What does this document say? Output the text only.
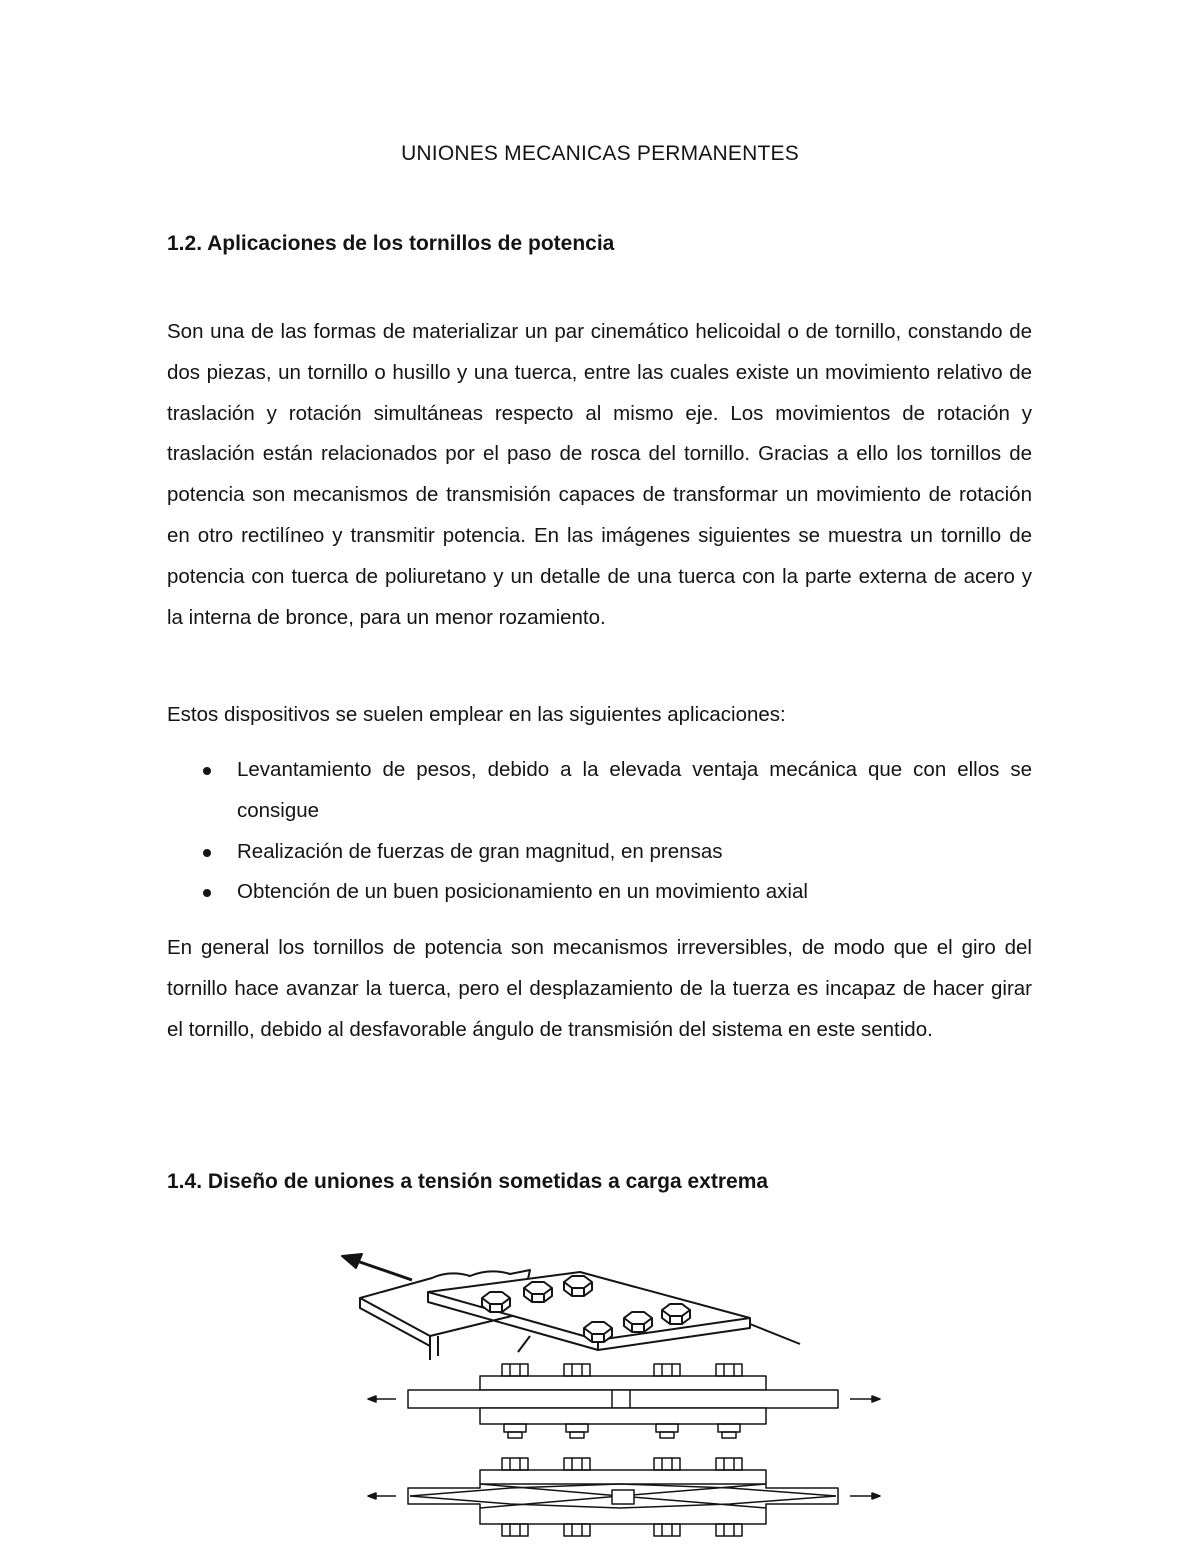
UNIONES MECANICAS PERMANENTES
1.2. Aplicaciones de los tornillos de potencia

Son una de las formas de materializar un par cinemático helicoidal o de tornillo, constando de dos piezas, un tornillo o husillo y una tuerca, entre las cuales existe un movimiento relativo de traslación y rotación simultáneas respecto al mismo eje. Los movimientos de rotación y traslación están relacionados por el paso de rosca del tornillo. Gracias a ello los tornillos de potencia son mecanismos de transmisión capaces de transformar un movimiento de rotación en otro rectilíneo y transmitir potencia. En las imágenes siguientes se muestra un tornillo de potencia con tuerca de poliuretano y un detalle de una tuerca con la parte externa de acero y la interna de bronce, para un menor rozamiento.

Estos dispositivos se suelen emplear en las siguientes aplicaciones:

Levantamiento de pesos, debido a la elevada ventaja mecánica que con ellos se consigue
Realización de fuerzas de gran magnitud, en prensas
Obtención de un buen posicionamiento en un movimiento axial

En general los tornillos de potencia son mecanismos irreversibles, de modo que el giro del tornillo hace avanzar la tuerca, pero el desplazamiento de la tuerza es incapaz de hacer girar el tornillo, debido al desfavorable ángulo de transmisión del sistema en este sentido.

1.4. Diseño de uniones a tensión sometidas a carga extrema
